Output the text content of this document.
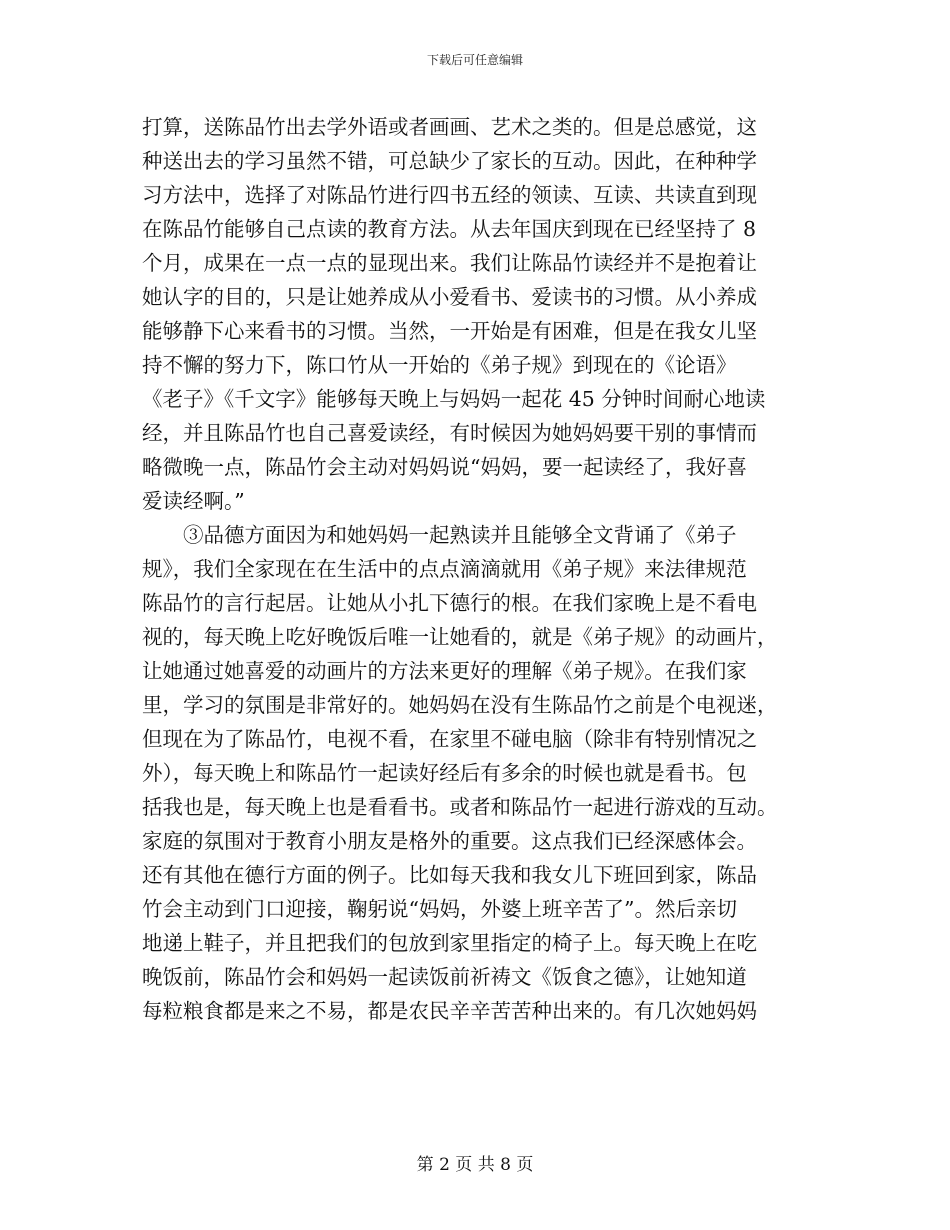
下载后可任意编辑
打算，送陈品竹出去学外语或者画画、艺术之类的。但是总感觉，这
种送出去的学习虽然不错，可总缺少了家长的互动。因此，在种种学
习方法中，选择了对陈品竹进行四书五经的领读、互读、共读直到现
在陈品竹能够自己点读的教育方法。从去年国庆到现在已经坚持了 8
个月，成果在一点一点的显现出来。我们让陈品竹读经并不是抱着让
她认字的目的，只是让她养成从小爱看书、爱读书的习惯。从小养成
能够静下心来看书的习惯。当然，一开始是有困难，但是在我女儿坚
持不懈的努力下，陈口竹从一开始的《弟子规》到现在的《论语》
《老子》《千文字》能够每天晚上与妈妈一起花 45 分钟时间耐心地读
经，并且陈品竹也自己喜爱读经，有时候因为她妈妈要干别的事情而
略微晚一点，陈品竹会主动对妈妈说“妈妈，要一起读经了，我好喜
爱读经啊。”
　　③品德方面因为和她妈妈一起熟读并且能够全文背诵了《弟子
规》，我们全家现在在生活中的点点滴滴就用《弟子规》来法律规范
陈品竹的言行起居。让她从小扎下德行的根。在我们家晚上是不看电
视的，每天晚上吃好晚饭后唯一让她看的，就是《弟子规》的动画片，
让她通过她喜爱的动画片的方法来更好的理解《弟子规》。在我们家
里，学习的氛围是非常好的。她妈妈在没有生陈品竹之前是个电视迷，
但现在为了陈品竹，电视不看，在家里不碰电脑（除非有特别情况之
外），每天晚上和陈品竹一起读好经后有多余的时候也就是看书。包
括我也是，每天晚上也是看看书。或者和陈品竹一起进行游戏的互动。
家庭的氛围对于教育小朋友是格外的重要。这点我们已经深感体会。
还有其他在德行方面的例子。比如每天我和我女儿下班回到家，陈品
竹会主动到门口迎接，鞠躬说“妈妈，外婆上班辛苦了”。然后亲切
地递上鞋子，并且把我们的包放到家里指定的椅子上。每天晚上在吃
晚饭前，陈品竹会和妈妈一起读饭前祈祷文《饭食之德》，让她知道
每粒粮食都是来之不易，都是农民辛辛苦苦种出来的。有几次她妈妈
第 2 页 共 8 页
